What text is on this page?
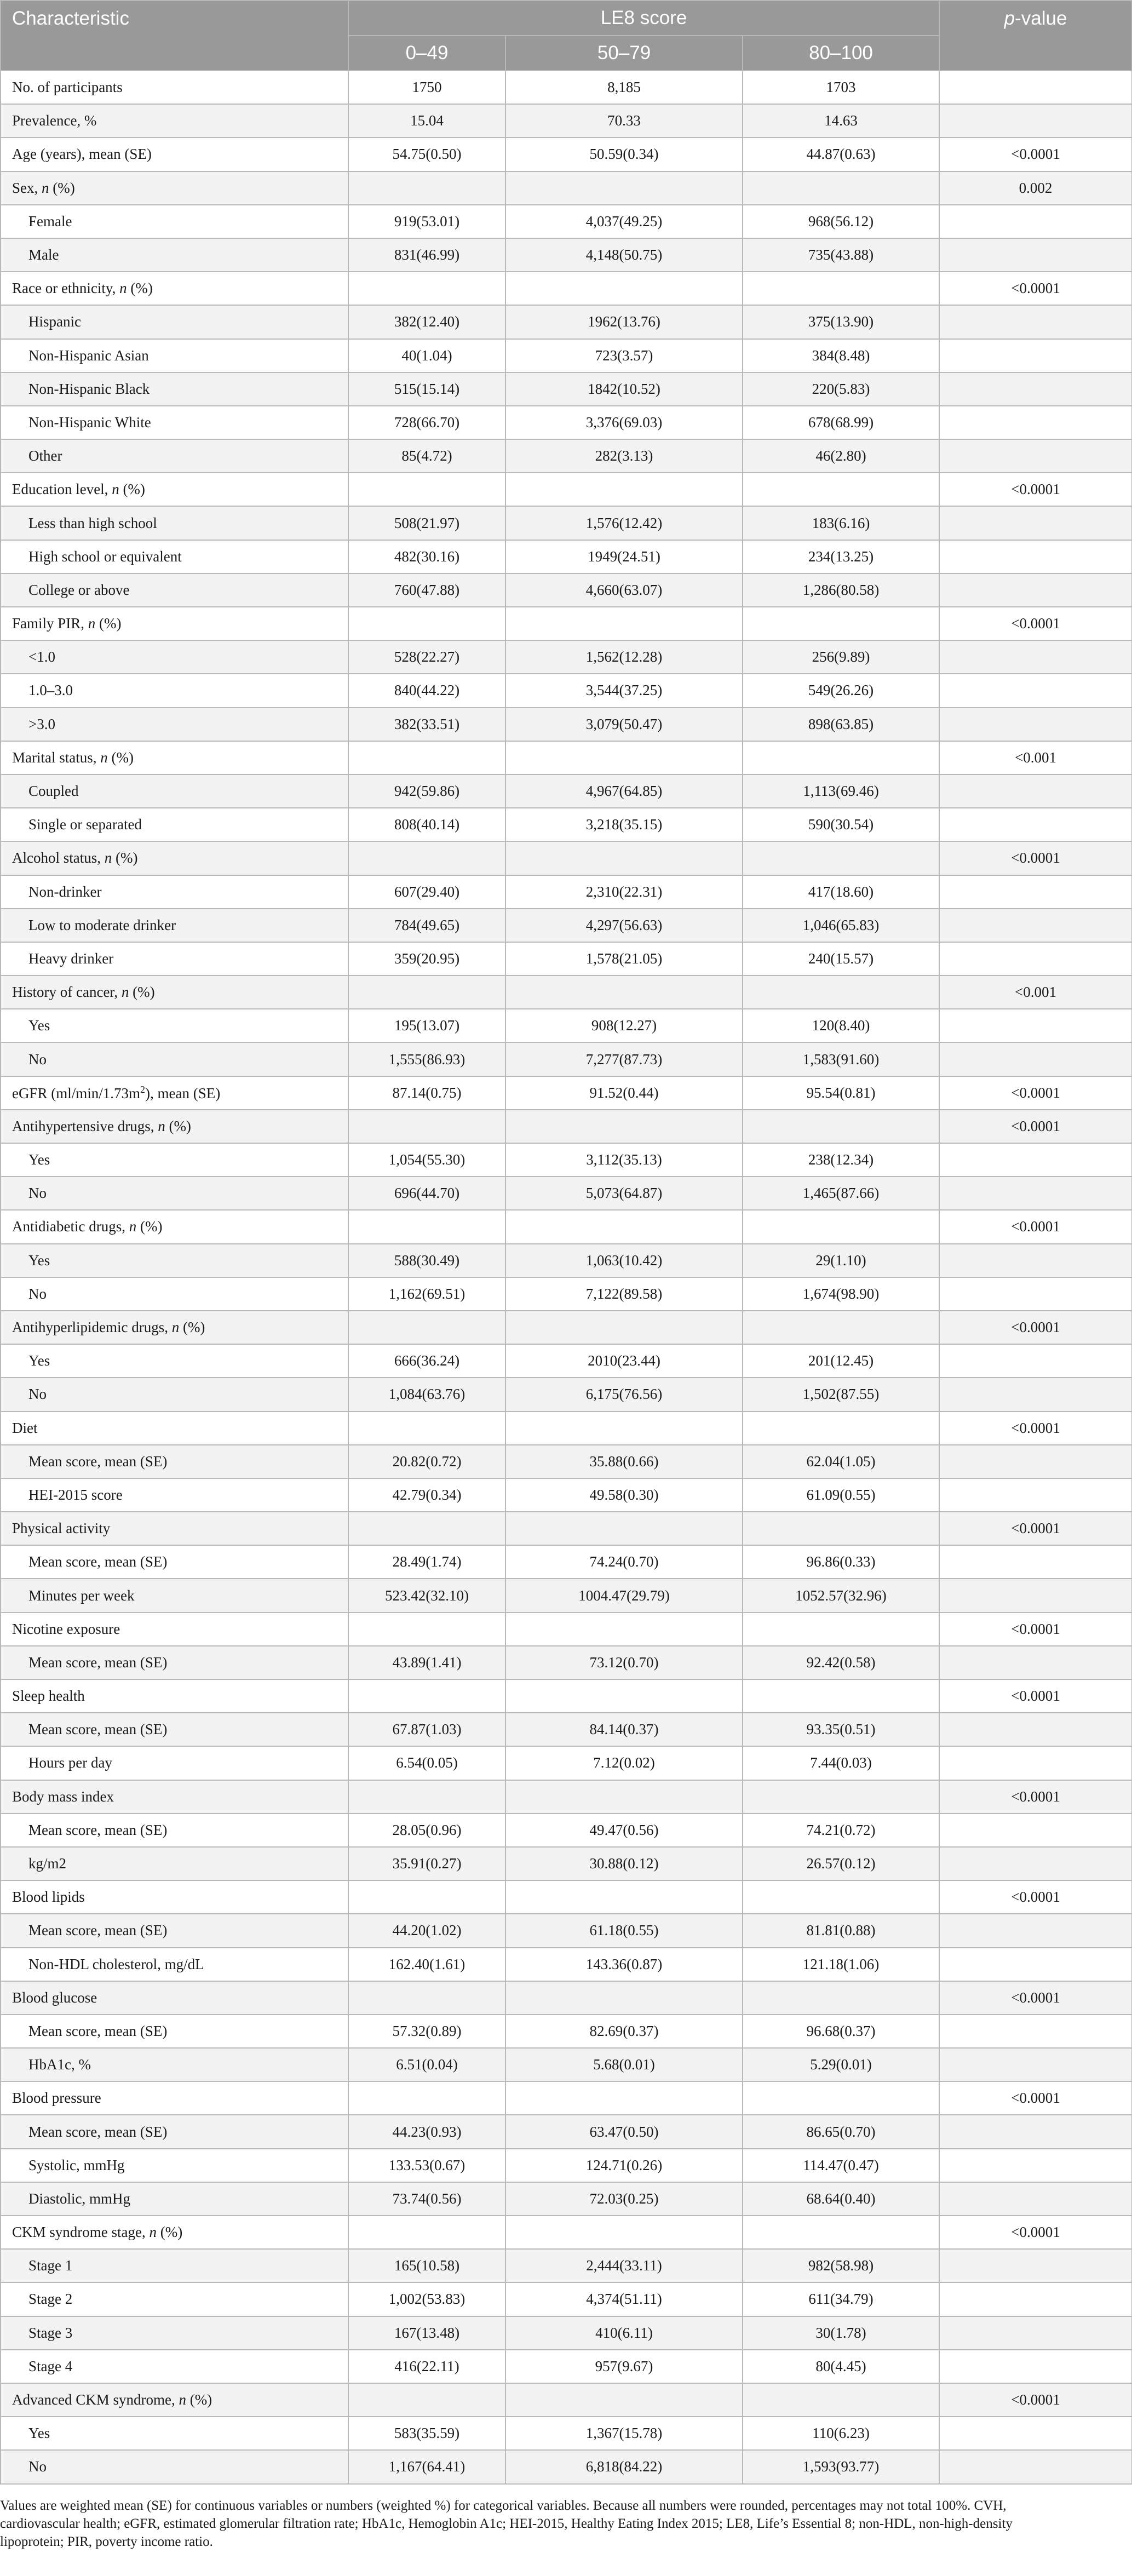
Characteristic	LE8 score			p-value
	0–49	50–79	80–100	
No. of participants	1750	8,185	1703	
Prevalence, %	15.04	70.33	14.63	
Age (years), mean (SE)	54.75(0.50)	50.59(0.34)	44.87(0.63)	<0.0001
Sex, n (%)				0.002
Female	919(53.01)	4,037(49.25)	968(56.12)	
Male	831(46.99)	4,148(50.75)	735(43.88)	
Race or ethnicity, n (%)				<0.0001
Hispanic	382(12.40)	1962(13.76)	375(13.90)	
Non-Hispanic Asian	40(1.04)	723(3.57)	384(8.48)	
Non-Hispanic Black	515(15.14)	1842(10.52)	220(5.83)	
Non-Hispanic White	728(66.70)	3,376(69.03)	678(68.99)	
Other	85(4.72)	282(3.13)	46(2.80)	
Education level, n (%)				<0.0001
Less than high school	508(21.97)	1,576(12.42)	183(6.16)	
High school or equivalent	482(30.16)	1949(24.51)	234(13.25)	
College or above	760(47.88)	4,660(63.07)	1,286(80.58)	
Family PIR, n (%)				<0.0001
<1.0	528(22.27)	1,562(12.28)	256(9.89)	
1.0–3.0	840(44.22)	3,544(37.25)	549(26.26)	
>3.0	382(33.51)	3,079(50.47)	898(63.85)	
Marital status, n (%)				<0.001
Coupled	942(59.86)	4,967(64.85)	1,113(69.46)	
Single or separated	808(40.14)	3,218(35.15)	590(30.54)	
Alcohol status, n (%)				<0.0001
Non-drinker	607(29.40)	2,310(22.31)	417(18.60)	
Low to moderate drinker	784(49.65)	4,297(56.63)	1,046(65.83)	
Heavy drinker	359(20.95)	1,578(21.05)	240(15.57)	
History of cancer, n (%)				<0.001
Yes	195(13.07)	908(12.27)	120(8.40)	
No	1,555(86.93)	7,277(87.73)	1,583(91.60)	
eGFR $(ml/\min/1.73m^2)$, mean (SE)	87.14(0.75)	91.52(0.44)	95.54(0.81)	<0.0001
Antihypertensive drugs, n (%)				<0.0001
Yes	1,054(55.30)	3,112(35.13)	238(12.34)	
No	696(44.70)	5,073(64.87)	1,465(87.66)	
Antidiabetic drugs, n (%)				<0.0001
Yes	588(30.49)	1,063(10.42)	29(1.10)	
No	1,162(69.51)	7,122(89.58)	1,674(98.90)	
Antihyperlipidemic drugs, n (%)				<0.0001
Yes	666(36.24)	2010(23.44)	201(12.45)	
No	1,084(63.76)	6,175(76.56)	1,502(87.55)	
Diet				<0.0001
Mean score, mean (SE)	20.82(0.72)	35.88(0.66)	62.04(1.05)	
HEI-2015 score	42.79(0.34)	49.58(0.30)	61.09(0.55)	
Physical activity				<0.0001
Mean score, mean (SE)	28.49(1.74)	74.24(0.70)	96.86(0.33)	
Minutes per week	523.42(32.10)	1004.47(29.79)	1052.57(32.96)	
Nicotine exposure				<0.0001
Mean score, mean (SE)	43.89(1.41)	73.12(0.70)	92.42(0.58)	
Sleep health				<0.0001
Mean score, mean (SE)	67.87(1.03)	84.14(0.37)	93.35(0.51)	
Hours per day	6.54(0.05)	7.12(0.02)	7.44(0.03)	
Body mass index				<0.0001
Mean score, mean (SE)	28.05(0.96)	49.47(0.56)	74.21(0.72)	
kg/m2	35.91(0.27)	30.88(0.12)	26.57(0.12)	
Blood lipids				<0.0001
Mean score, mean (SE)	44.20(1.02)	61.18(0.55)	81.81(0.88)	
Non-HDL cholesterol, mg/dL	162.40(1.61)	143.36(0.87)	121.18(1.06)	
Blood glucose				<0.0001
Mean score, mean (SE)	57.32(0.89)	82.69(0.37)	96.68(0.37)	
HbA1c, %	6.51(0.04)	5.68(0.01)	5.29(0.01)	
Blood pressure				<0.0001
Mean score, mean (SE)	44.23(0.93)	63.47(0.50)	86.65(0.70)	
Systolic, mmHg	133.53(0.67)	124.71(0.26)	114.47(0.47)	
Diastolic, mmHg	73.74(0.56)	72.03(0.25)	68.64(0.40)	
CKM syndrome stage, n (%)				<0.0001
Stage 1	165(10.58)	2,444(33.11)	982(58.98)	
Stage 2	1,002(53.83)	4,374(51.11)	611(34.79)	
Stage 3	167(13.48)	410(6.11)	30(1.78)	
Stage 4	416(22.11)	957(9.67)	80(4.45)	
Advanced CKM syndrome, n (%)				<0.0001
Yes	583(35.59)	1,367(15.78)	110(6.23)	
No	1,167(64.41)	6,818(84.22)	1,593(93.77)	

Values are weighted mean (SE) for continuous variables or numbers (weighted %) for categorical variables. Because all numbers were rounded, percentages may not total 100%. CVH,

cardiovascular health; eGFR, estimated glomerular filtration rate; HbA1c, Hemoglobin A1c; HEI-2015, Healthy Eating Index 2015; LE8, Life’s Essential 8; non-HDL, non-high-density

lipoprotein; PIR, poverty income ratio.
